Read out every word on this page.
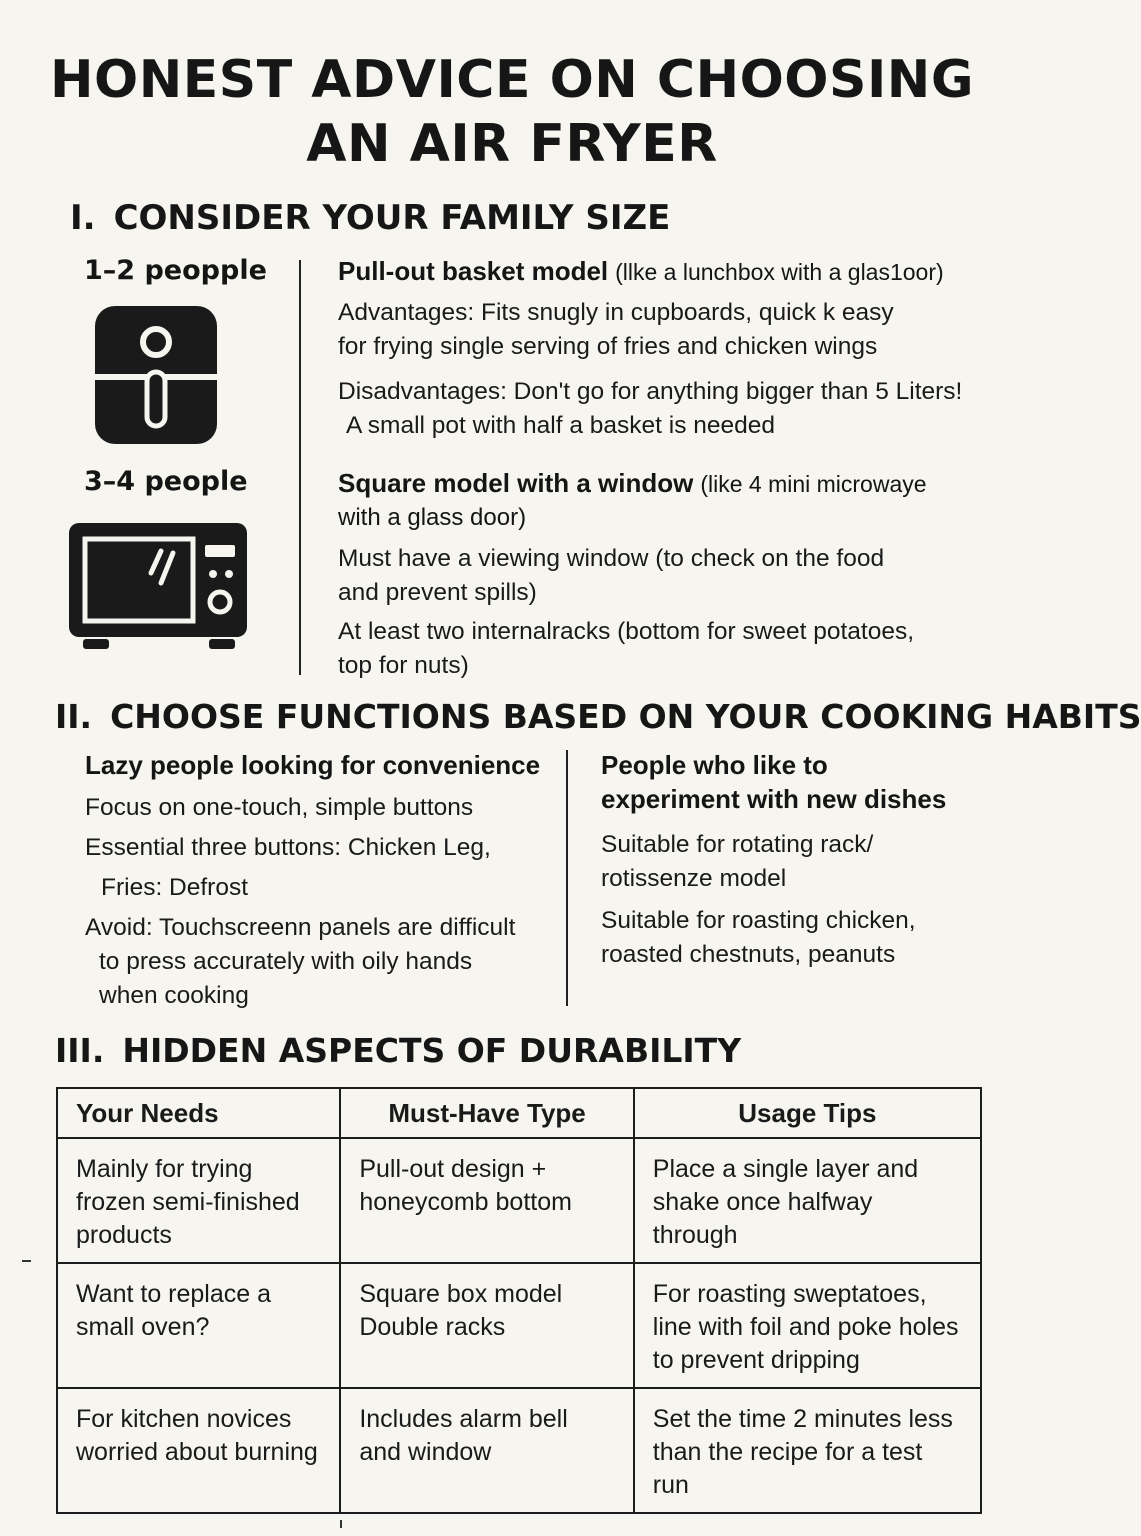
HONEST ADVICE ON CHOOSING AN AIR FRYER
I. CONSIDER YOUR FAMILY SIZE
1–2 peopple	Pull-out basket model (llke a lunchbox with a glas1oor)
Advantages: Fits snugly in cupboards, quick k easy
for frying single serving of fries and chicken wings
Disadvantages: Don't go for anything bigger than 5 Liters!
A small pot with half a basket is needed
3–4 people	Square model with a window (like 4 mini microwaye
with a glass door)
Must have a viewing window (to check on the food
and prevent spills)
At least two internalracks (bottom for sweet potatoes,
top for nuts)
II. CHOOSE FUNCTIONS BASED ON YOUR COOKING HABITS
Lazy people looking for convenience
Focus on one-touch, simple buttons
Essential three buttons: Chicken Leg,
Fries: Defrost
Avoid: Touchscreenn panels are difficult
to press accurately with oily hands
when cooking
People who like to
experiment with new dishes
Suitable for rotating rack/
rotissenze model
Suitable for roasting chicken,
roasted chestnuts, peanuts
III. HIDDEN ASPECTS OF DURABILITY
Your Needs	Must-Have Type	Usage Tips
Mainly for trying frozen semi-finished products	Pull-out design + honeycomb bottom	Place a single layer and shake once halfway through
Want to replace a small oven?	Square box model Double racks	For roasting sweptatoes, line with foil and poke holes to prevent dripping
For kitchen novices worried about burning	Includes alarm bell and window	Set the time 2 minutes less than the recipe for a test run
